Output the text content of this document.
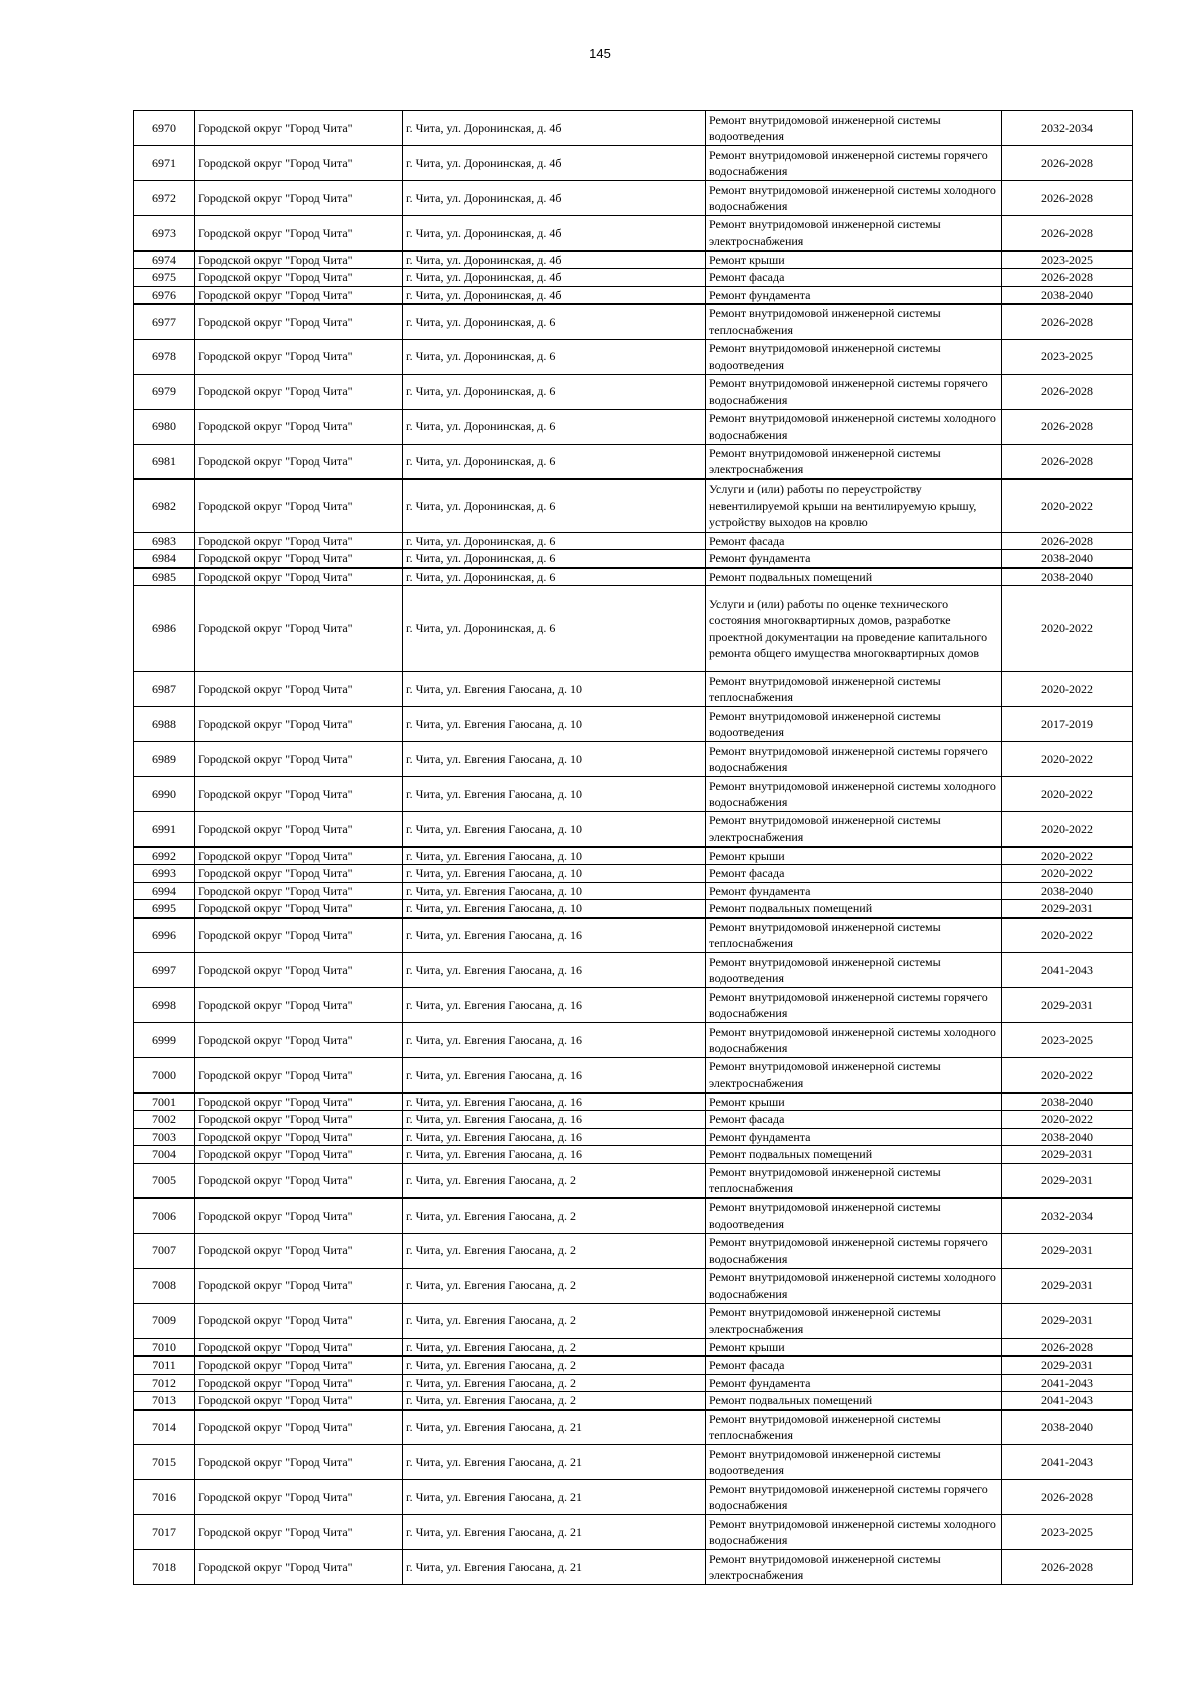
145
6970	Городской округ "Город Чита"	г. Чита, ул. Доронинская, д. 4б	Ремонт внутридомовой инженерной системы водоотведения	2032-2034
6971	Городской округ "Город Чита"	г. Чита, ул. Доронинская, д. 4б	Ремонт внутридомовой инженерной системы горячего водоснабжения	2026-2028
6972	Городской округ "Город Чита"	г. Чита, ул. Доронинская, д. 4б	Ремонт внутридомовой инженерной системы холодного водоснабжения	2026-2028
6973	Городской округ "Город Чита"	г. Чита, ул. Доронинская, д. 4б	Ремонт внутридомовой инженерной системы электроснабжения	2026-2028
6974	Городской округ "Город Чита"	г. Чита, ул. Доронинская, д. 4б	Ремонт крыши	2023-2025
6975	Городской округ "Город Чита"	г. Чита, ул. Доронинская, д. 4б	Ремонт фасада	2026-2028
6976	Городской округ "Город Чита"	г. Чита, ул. Доронинская, д. 4б	Ремонт фундамента	2038-2040
6977	Городской округ "Город Чита"	г. Чита, ул. Доронинская, д. 6	Ремонт внутридомовой инженерной системы теплоснабжения	2026-2028
6978	Городской округ "Город Чита"	г. Чита, ул. Доронинская, д. 6	Ремонт внутридомовой инженерной системы водоотведения	2023-2025
6979	Городской округ "Город Чита"	г. Чита, ул. Доронинская, д. 6	Ремонт внутридомовой инженерной системы горячего водоснабжения	2026-2028
6980	Городской округ "Город Чита"	г. Чита, ул. Доронинская, д. 6	Ремонт внутридомовой инженерной системы холодного водоснабжения	2026-2028
6981	Городской округ "Город Чита"	г. Чита, ул. Доронинская, д. 6	Ремонт внутридомовой инженерной системы электроснабжения	2026-2028
6982	Городской округ "Город Чита"	г. Чита, ул. Доронинская, д. 6	Услуги и (или) работы по переустройству невентилируемой крыши на вентилируемую крышу, устройству выходов на кровлю	2020-2022
6983	Городской округ "Город Чита"	г. Чита, ул. Доронинская, д. 6	Ремонт фасада	2026-2028
6984	Городской округ "Город Чита"	г. Чита, ул. Доронинская, д. 6	Ремонт фундамента	2038-2040
6985	Городской округ "Город Чита"	г. Чита, ул. Доронинская, д. 6	Ремонт подвальных помещений	2038-2040
6986	Городской округ "Город Чита"	г. Чита, ул. Доронинская, д. 6	Услуги и (или) работы по оценке технического состояния многоквартирных домов, разработке проектной документации на проведение капитального ремонта общего имущества многоквартирных домов	2020-2022
6987	Городской округ "Город Чита"	г. Чита, ул. Евгения Гаюсана, д. 10	Ремонт внутридомовой инженерной системы теплоснабжения	2020-2022
6988	Городской округ "Город Чита"	г. Чита, ул. Евгения Гаюсана, д. 10	Ремонт внутридомовой инженерной системы водоотведения	2017-2019
6989	Городской округ "Город Чита"	г. Чита, ул. Евгения Гаюсана, д. 10	Ремонт внутридомовой инженерной системы горячего водоснабжения	2020-2022
6990	Городской округ "Город Чита"	г. Чита, ул. Евгения Гаюсана, д. 10	Ремонт внутридомовой инженерной системы холодного водоснабжения	2020-2022
6991	Городской округ "Город Чита"	г. Чита, ул. Евгения Гаюсана, д. 10	Ремонт внутридомовой инженерной системы электроснабжения	2020-2022
6992	Городской округ "Город Чита"	г. Чита, ул. Евгения Гаюсана, д. 10	Ремонт крыши	2020-2022
6993	Городской округ "Город Чита"	г. Чита, ул. Евгения Гаюсана, д. 10	Ремонт фасада	2020-2022
6994	Городской округ "Город Чита"	г. Чита, ул. Евгения Гаюсана, д. 10	Ремонт фундамента	2038-2040
6995	Городской округ "Город Чита"	г. Чита, ул. Евгения Гаюсана, д. 10	Ремонт подвальных помещений	2029-2031
6996	Городской округ "Город Чита"	г. Чита, ул. Евгения Гаюсана, д. 16	Ремонт внутридомовой инженерной системы теплоснабжения	2020-2022
6997	Городской округ "Город Чита"	г. Чита, ул. Евгения Гаюсана, д. 16	Ремонт внутридомовой инженерной системы водоотведения	2041-2043
6998	Городской округ "Город Чита"	г. Чита, ул. Евгения Гаюсана, д. 16	Ремонт внутридомовой инженерной системы горячего водоснабжения	2029-2031
6999	Городской округ "Город Чита"	г. Чита, ул. Евгения Гаюсана, д. 16	Ремонт внутридомовой инженерной системы холодного водоснабжения	2023-2025
7000	Городской округ "Город Чита"	г. Чита, ул. Евгения Гаюсана, д. 16	Ремонт внутридомовой инженерной системы электроснабжения	2020-2022
7001	Городской округ "Город Чита"	г. Чита, ул. Евгения Гаюсана, д. 16	Ремонт крыши	2038-2040
7002	Городской округ "Город Чита"	г. Чита, ул. Евгения Гаюсана, д. 16	Ремонт фасада	2020-2022
7003	Городской округ "Город Чита"	г. Чита, ул. Евгения Гаюсана, д. 16	Ремонт фундамента	2038-2040
7004	Городской округ "Город Чита"	г. Чита, ул. Евгения Гаюсана, д. 16	Ремонт подвальных помещений	2029-2031
7005	Городской округ "Город Чита"	г. Чита, ул. Евгения Гаюсана, д. 2	Ремонт внутридомовой инженерной системы теплоснабжения	2029-2031
7006	Городской округ "Город Чита"	г. Чита, ул. Евгения Гаюсана, д. 2	Ремонт внутридомовой инженерной системы водоотведения	2032-2034
7007	Городской округ "Город Чита"	г. Чита, ул. Евгения Гаюсана, д. 2	Ремонт внутридомовой инженерной системы горячего водоснабжения	2029-2031
7008	Городской округ "Город Чита"	г. Чита, ул. Евгения Гаюсана, д. 2	Ремонт внутридомовой инженерной системы холодного водоснабжения	2029-2031
7009	Городской округ "Город Чита"	г. Чита, ул. Евгения Гаюсана, д. 2	Ремонт внутридомовой инженерной системы электроснабжения	2029-2031
7010	Городской округ "Город Чита"	г. Чита, ул. Евгения Гаюсана, д. 2	Ремонт крыши	2026-2028
7011	Городской округ "Город Чита"	г. Чита, ул. Евгения Гаюсана, д. 2	Ремонт фасада	2029-2031
7012	Городской округ "Город Чита"	г. Чита, ул. Евгения Гаюсана, д. 2	Ремонт фундамента	2041-2043
7013	Городской округ "Город Чита"	г. Чита, ул. Евгения Гаюсана, д. 2	Ремонт подвальных помещений	2041-2043
7014	Городской округ "Город Чита"	г. Чита, ул. Евгения Гаюсана, д. 21	Ремонт внутридомовой инженерной системы теплоснабжения	2038-2040
7015	Городской округ "Город Чита"	г. Чита, ул. Евгения Гаюсана, д. 21	Ремонт внутридомовой инженерной системы водоотведения	2041-2043
7016	Городской округ "Город Чита"	г. Чита, ул. Евгения Гаюсана, д. 21	Ремонт внутридомовой инженерной системы горячего водоснабжения	2026-2028
7017	Городской округ "Город Чита"	г. Чита, ул. Евгения Гаюсана, д. 21	Ремонт внутридомовой инженерной системы холодного водоснабжения	2023-2025
7018	Городской округ "Город Чита"	г. Чита, ул. Евгения Гаюсана, д. 21	Ремонт внутридомовой инженерной системы электроснабжения	2026-2028
